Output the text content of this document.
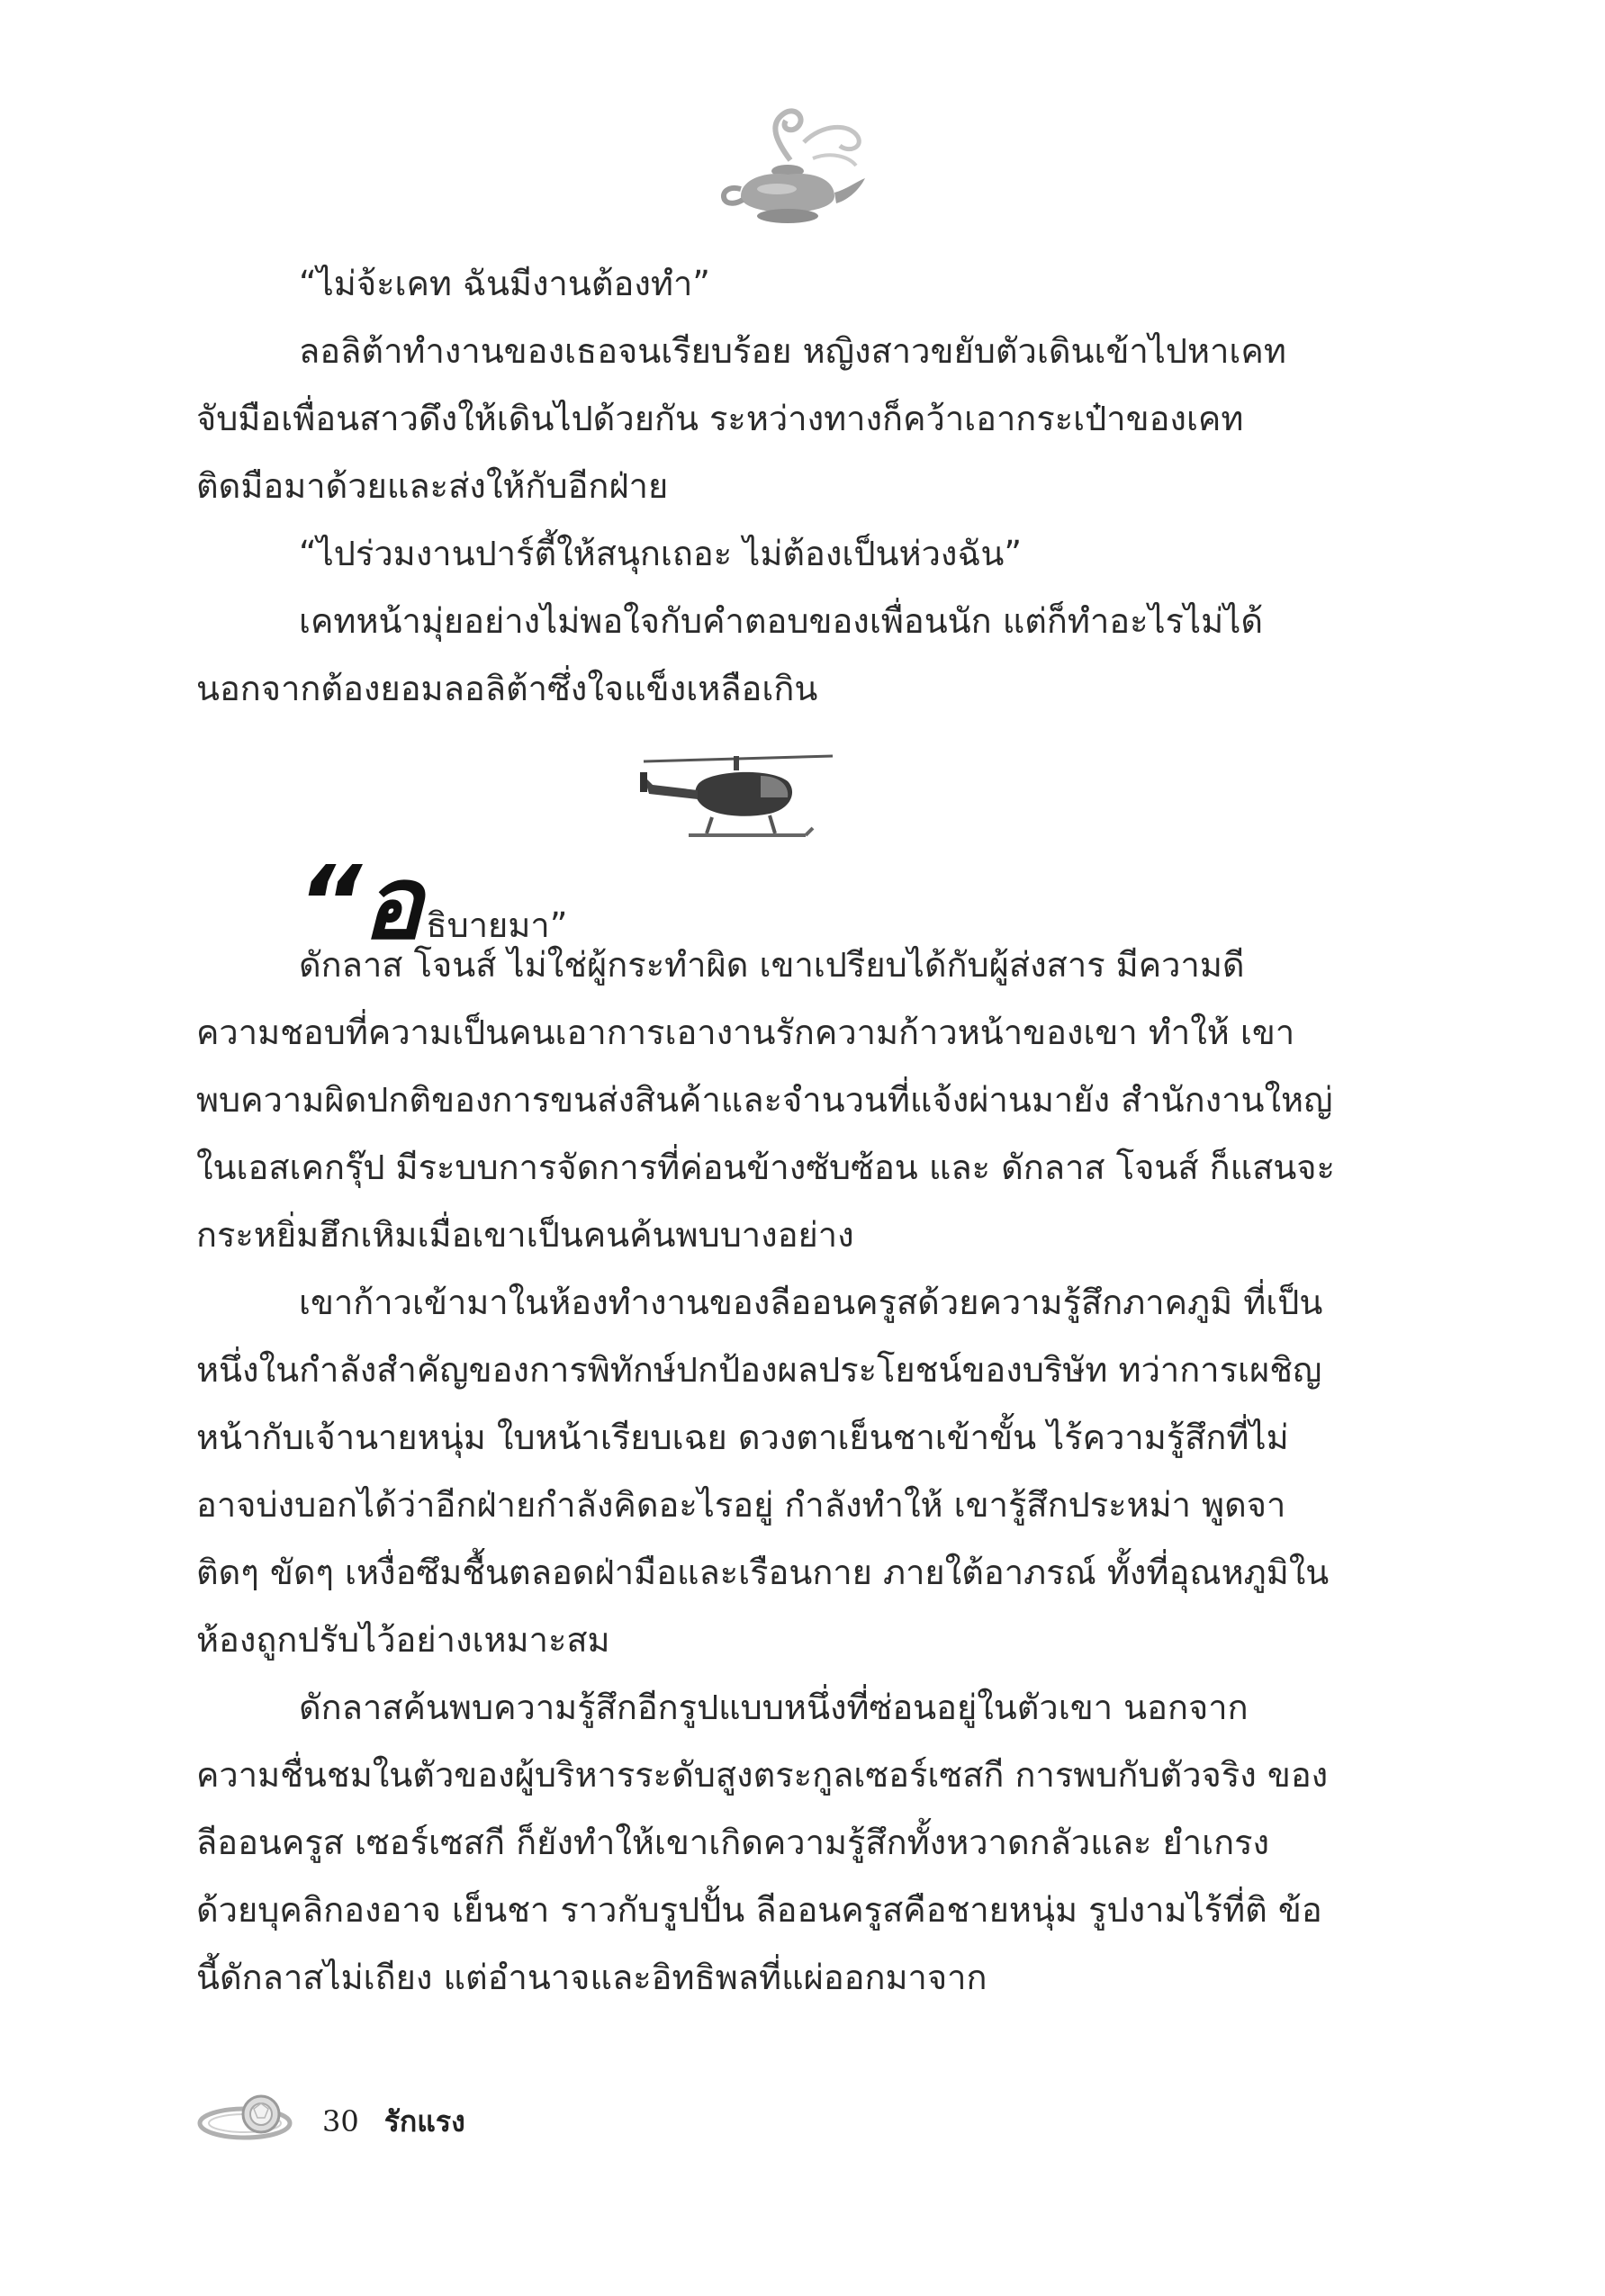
“ไม่จ้ะเคท ฉันมีงานต้องทำ”

ลอลิต้าทำงานของเธอจนเรียบร้อย หญิงสาวขยับตัวเดินเข้าไปหาเคท จับมือเพื่อนสาวดึงให้เดินไปด้วยกัน ระหว่างทางก็คว้าเอากระเป๋าของเคท ติดมือมาด้วยและส่งให้กับอีกฝ่าย

“ไปร่วมงานปาร์ตี้ให้สนุกเถอะ ไม่ต้องเป็นห่วงฉัน”

เคทหน้ามุ่ยอย่างไม่พอใจกับคำตอบของเพื่อนนัก แต่ก็ทำอะไรไม่ได้ นอกจากต้องยอมลอลิต้าซึ่งใจแข็งเหลือเกิน

“อ ธิบายมา”

ดักลาส โจนส์ ไม่ใช่ผู้กระทำผิด เขาเปรียบได้กับผู้ส่งสาร มีความดี ความชอบที่ความเป็นคนเอาการเอางานรักความก้าวหน้าของเขา ทำให้ เขาพบความผิดปกติของการขนส่งสินค้าและจำนวนที่แจ้งผ่านมายัง สำนักงานใหญ่ในเอสเคกรุ๊ป มีระบบการจัดการที่ค่อนข้างซับซ้อน และ ดักลาส โจนส์ ก็แสนจะกระหยิ่มฮึกเหิมเมื่อเขาเป็นคนค้นพบบางอย่าง

เขาก้าวเข้ามาในห้องทำงานของลีออนครูสด้วยความรู้สึกภาคภูมิ ที่เป็นหนึ่งในกำลังสำคัญของการพิทักษ์ปกป้องผลประโยชน์ของบริษัท ทว่าการเผชิญหน้ากับเจ้านายหนุ่ม ใบหน้าเรียบเฉย ดวงตาเย็นชาเข้าขั้น ไร้ความรู้สึกที่ไม่อาจบ่งบอกได้ว่าอีกฝ่ายกำลังคิดอะไรอยู่ กำลังทำให้ เขารู้สึกประหม่า พูดจาติดๆ ขัดๆ เหงื่อซึมชื้นตลอดฝ่ามือและเรือนกาย ภายใต้อาภรณ์ ทั้งที่อุณหภูมิในห้องถูกปรับไว้อย่างเหมาะสม

ดักลาสค้นพบความรู้สึกอีกรูปแบบหนึ่งที่ซ่อนอยู่ในตัวเขา นอกจาก ความชื่นชมในตัวของผู้บริหารระดับสูงตระกูลเซอร์เซสกี การพบกับตัวจริง ของ ลีออนครูส เซอร์เซสกี ก็ยังทำให้เขาเกิดความรู้สึกทั้งหวาดกลัวและ ยำเกรง ด้วยบุคลิกองอาจ เย็นชา ราวกับรูปปั้น ลีออนครูสคือชายหนุ่ม รูปงามไร้ที่ติ ข้อนี้ดักลาสไม่เถียง แต่อำนาจและอิทธิพลที่แผ่ออกมาจาก

30 รักแรง
